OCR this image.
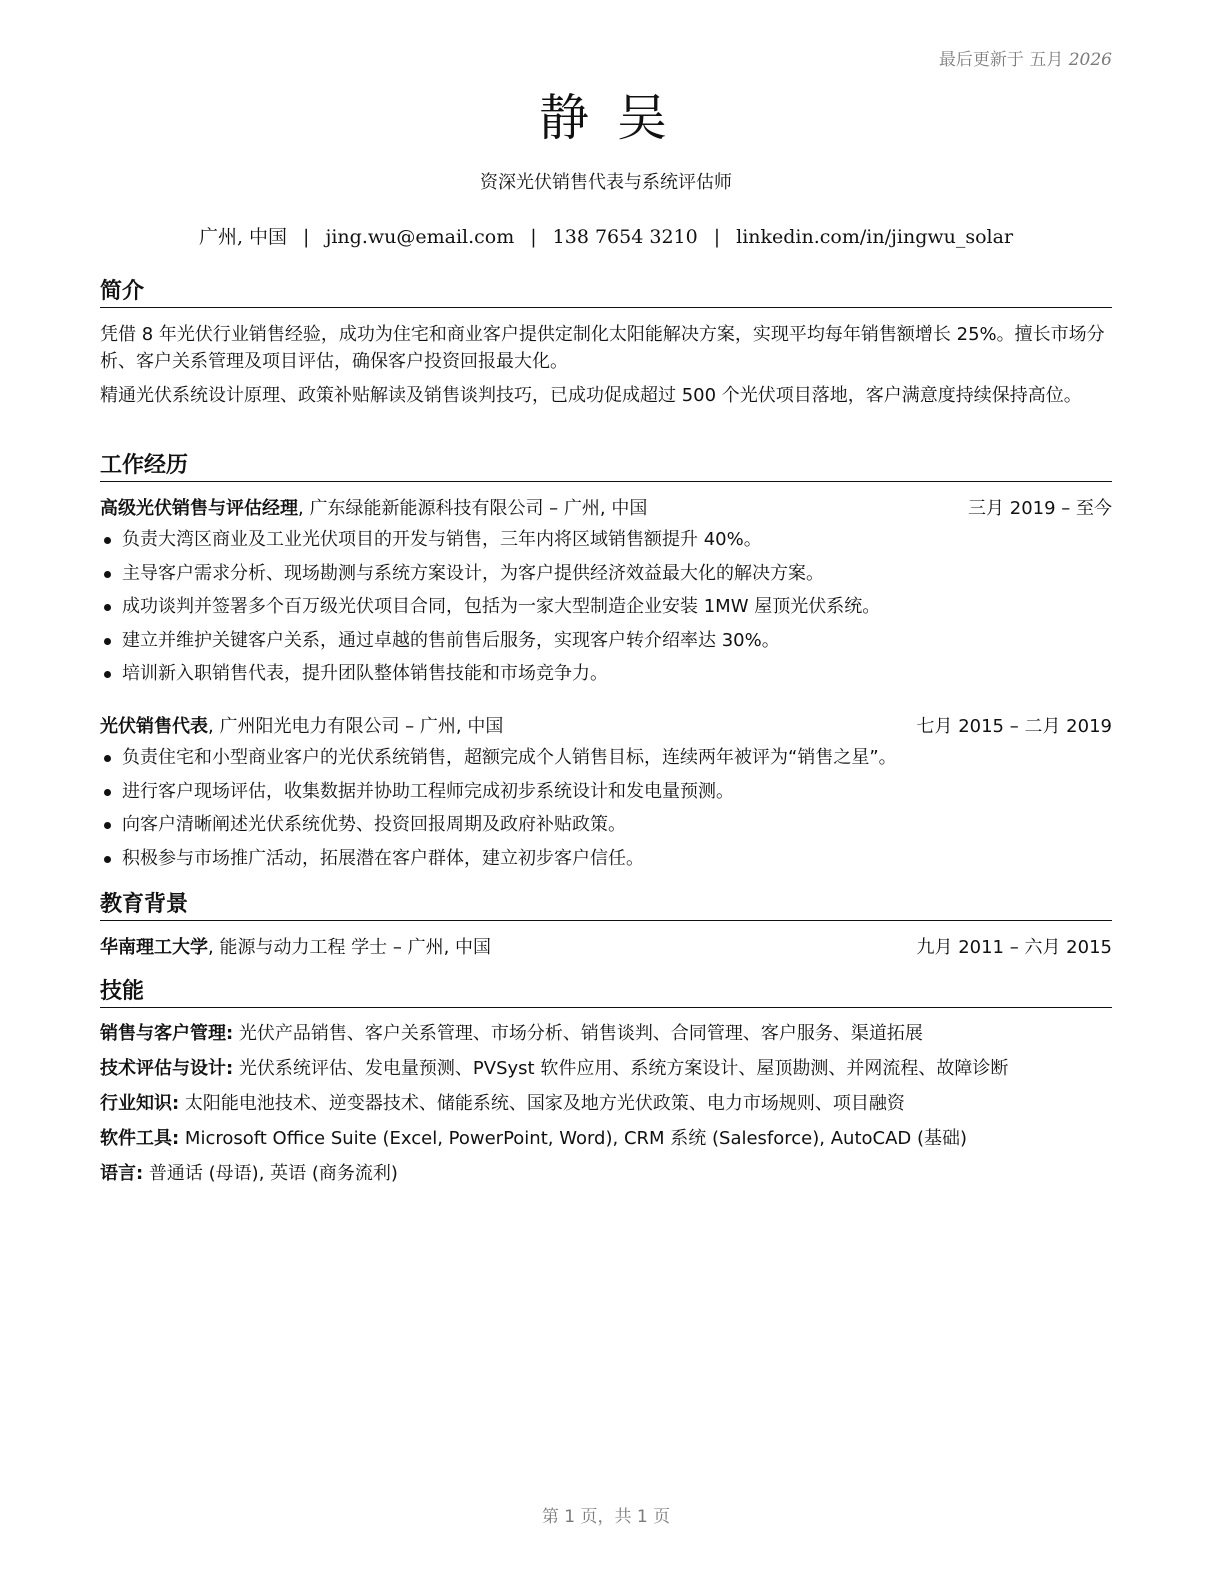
最后更新于 五月 2026
静 吴
资深光伏销售代表与系统评估师
广州, 中国 | jing.wu@email.com | 138 7654 3210 | linkedin.com/in/jingwu_solar
简介

凭借 8 年光伏行业销售经验，成功为住宅和商业客户提供定制化太阳能解决方案，实现平均每年销售额增长 25%。擅长市场分析、客户关系管理及项目评估，确保客户投资回报最大化。

精通光伏系统设计原理、政策补贴解读及销售谈判技巧，已成功促成超过 500 个光伏项目落地，客户满意度持续保持高位。

工作经历
高级光伏销售与评估经理, 广东绿能新能源科技有限公司 – 广州, 中国	三月 2019 – 至今
负责大湾区商业及工业光伏项目的开发与销售，三年内将区域销售额提升 40%。
主导客户需求分析、现场勘测与系统方案设计，为客户提供经济效益最大化的解决方案。
成功谈判并签署多个百万级光伏项目合同，包括为一家大型制造企业安装 1MW 屋顶光伏系统。
建立并维护关键客户关系，通过卓越的售前售后服务，实现客户转介绍率达 30%。
培训新入职销售代表，提升团队整体销售技能和市场竞争力。
光伏销售代表, 广州阳光电力有限公司 – 广州, 中国	七月 2015 – 二月 2019
负责住宅和小型商业客户的光伏系统销售，超额完成个人销售目标，连续两年被评为“销售之星”。
进行客户现场评估，收集数据并协助工程师完成初步系统设计和发电量预测。
向客户清晰阐述光伏系统优势、投资回报周期及政府补贴政策。
积极参与市场推广活动，拓展潜在客户群体，建立初步客户信任。
教育背景
华南理工大学, 能源与动力工程 学士 – 广州, 中国	九月 2011 – 六月 2015
技能
销售与客户管理: 光伏产品销售、客户关系管理、市场分析、销售谈判、合同管理、客户服务、渠道拓展
技术评估与设计: 光伏系统评估、发电量预测、PVSyst 软件应用、系统方案设计、屋顶勘测、并网流程、故障诊断
行业知识: 太阳能电池技术、逆变器技术、储能系统、国家及地方光伏政策、电力市场规则、项目融资
软件工具: Microsoft Office Suite (Excel, PowerPoint, Word), CRM 系统 (Salesforce), AutoCAD (基础)
语言: 普通话 (母语), 英语 (商务流利)
第 1 页，共 1 页
